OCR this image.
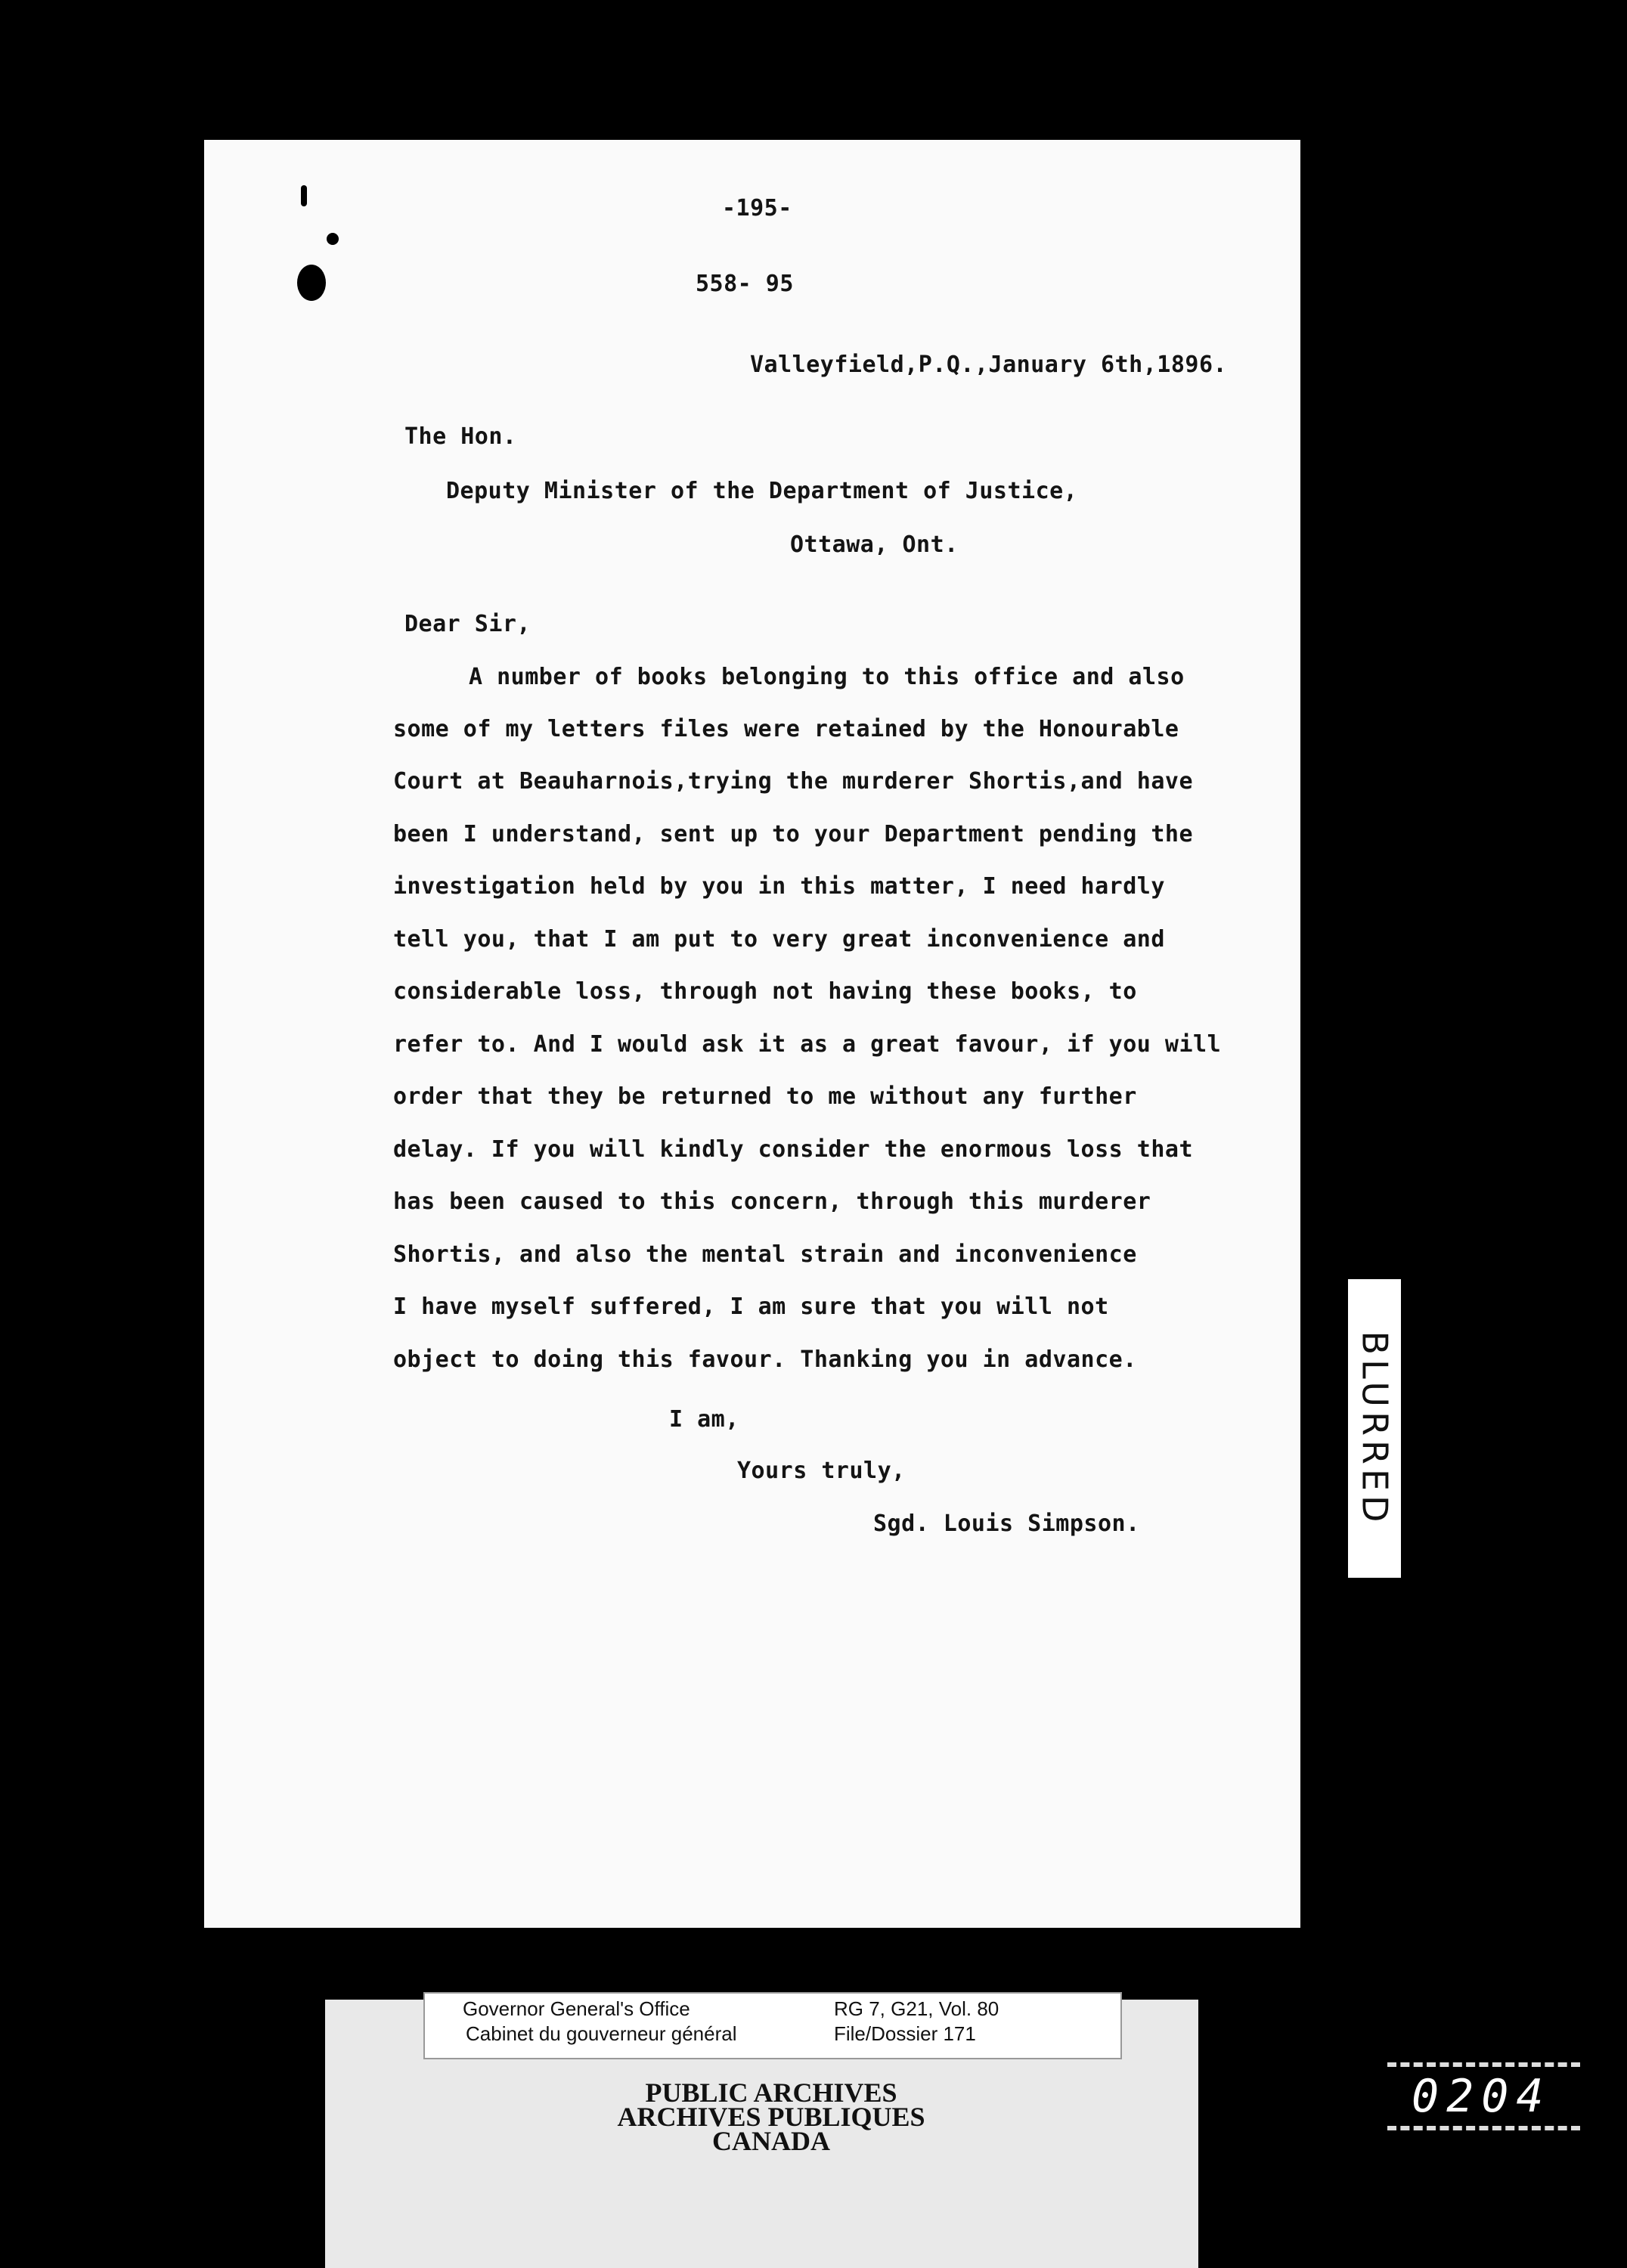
-195-
558- 95
Valleyfield,P.Q.,January 6th,1896.
The Hon.
Deputy Minister of the Department of Justice,
Ottawa, Ont.
Dear Sir,
A number of books belonging to this office and also
some of my letters files were retained by the Honourable
Court at Beauharnois,trying the murderer Shortis,and have
been I understand, sent up to your Department pending the
investigation held by you in this matter, I need hardly
tell you, that I am put to very great inconvenience and
considerable loss, through not having these books, to
refer to. And I would ask it as a great favour, if you will
order that they be returned to me without any further
delay. If you will kindly consider the enormous loss that
has been caused to this concern, through this murderer
Shortis, and also the mental strain and inconvenience
I have myself suffered, I am sure that you will not
object to doing this favour. Thanking you in advance.
I am,
Yours truly,
Sgd. Louis Simpson.	BLURRED
Governor General's Office
Cabinet du gouverneur général
RG 7, G21, Vol. 80
File/Dossier 171
PUBLIC ARCHIVES
ARCHIVES PUBLIQUES
CANADA
0204
